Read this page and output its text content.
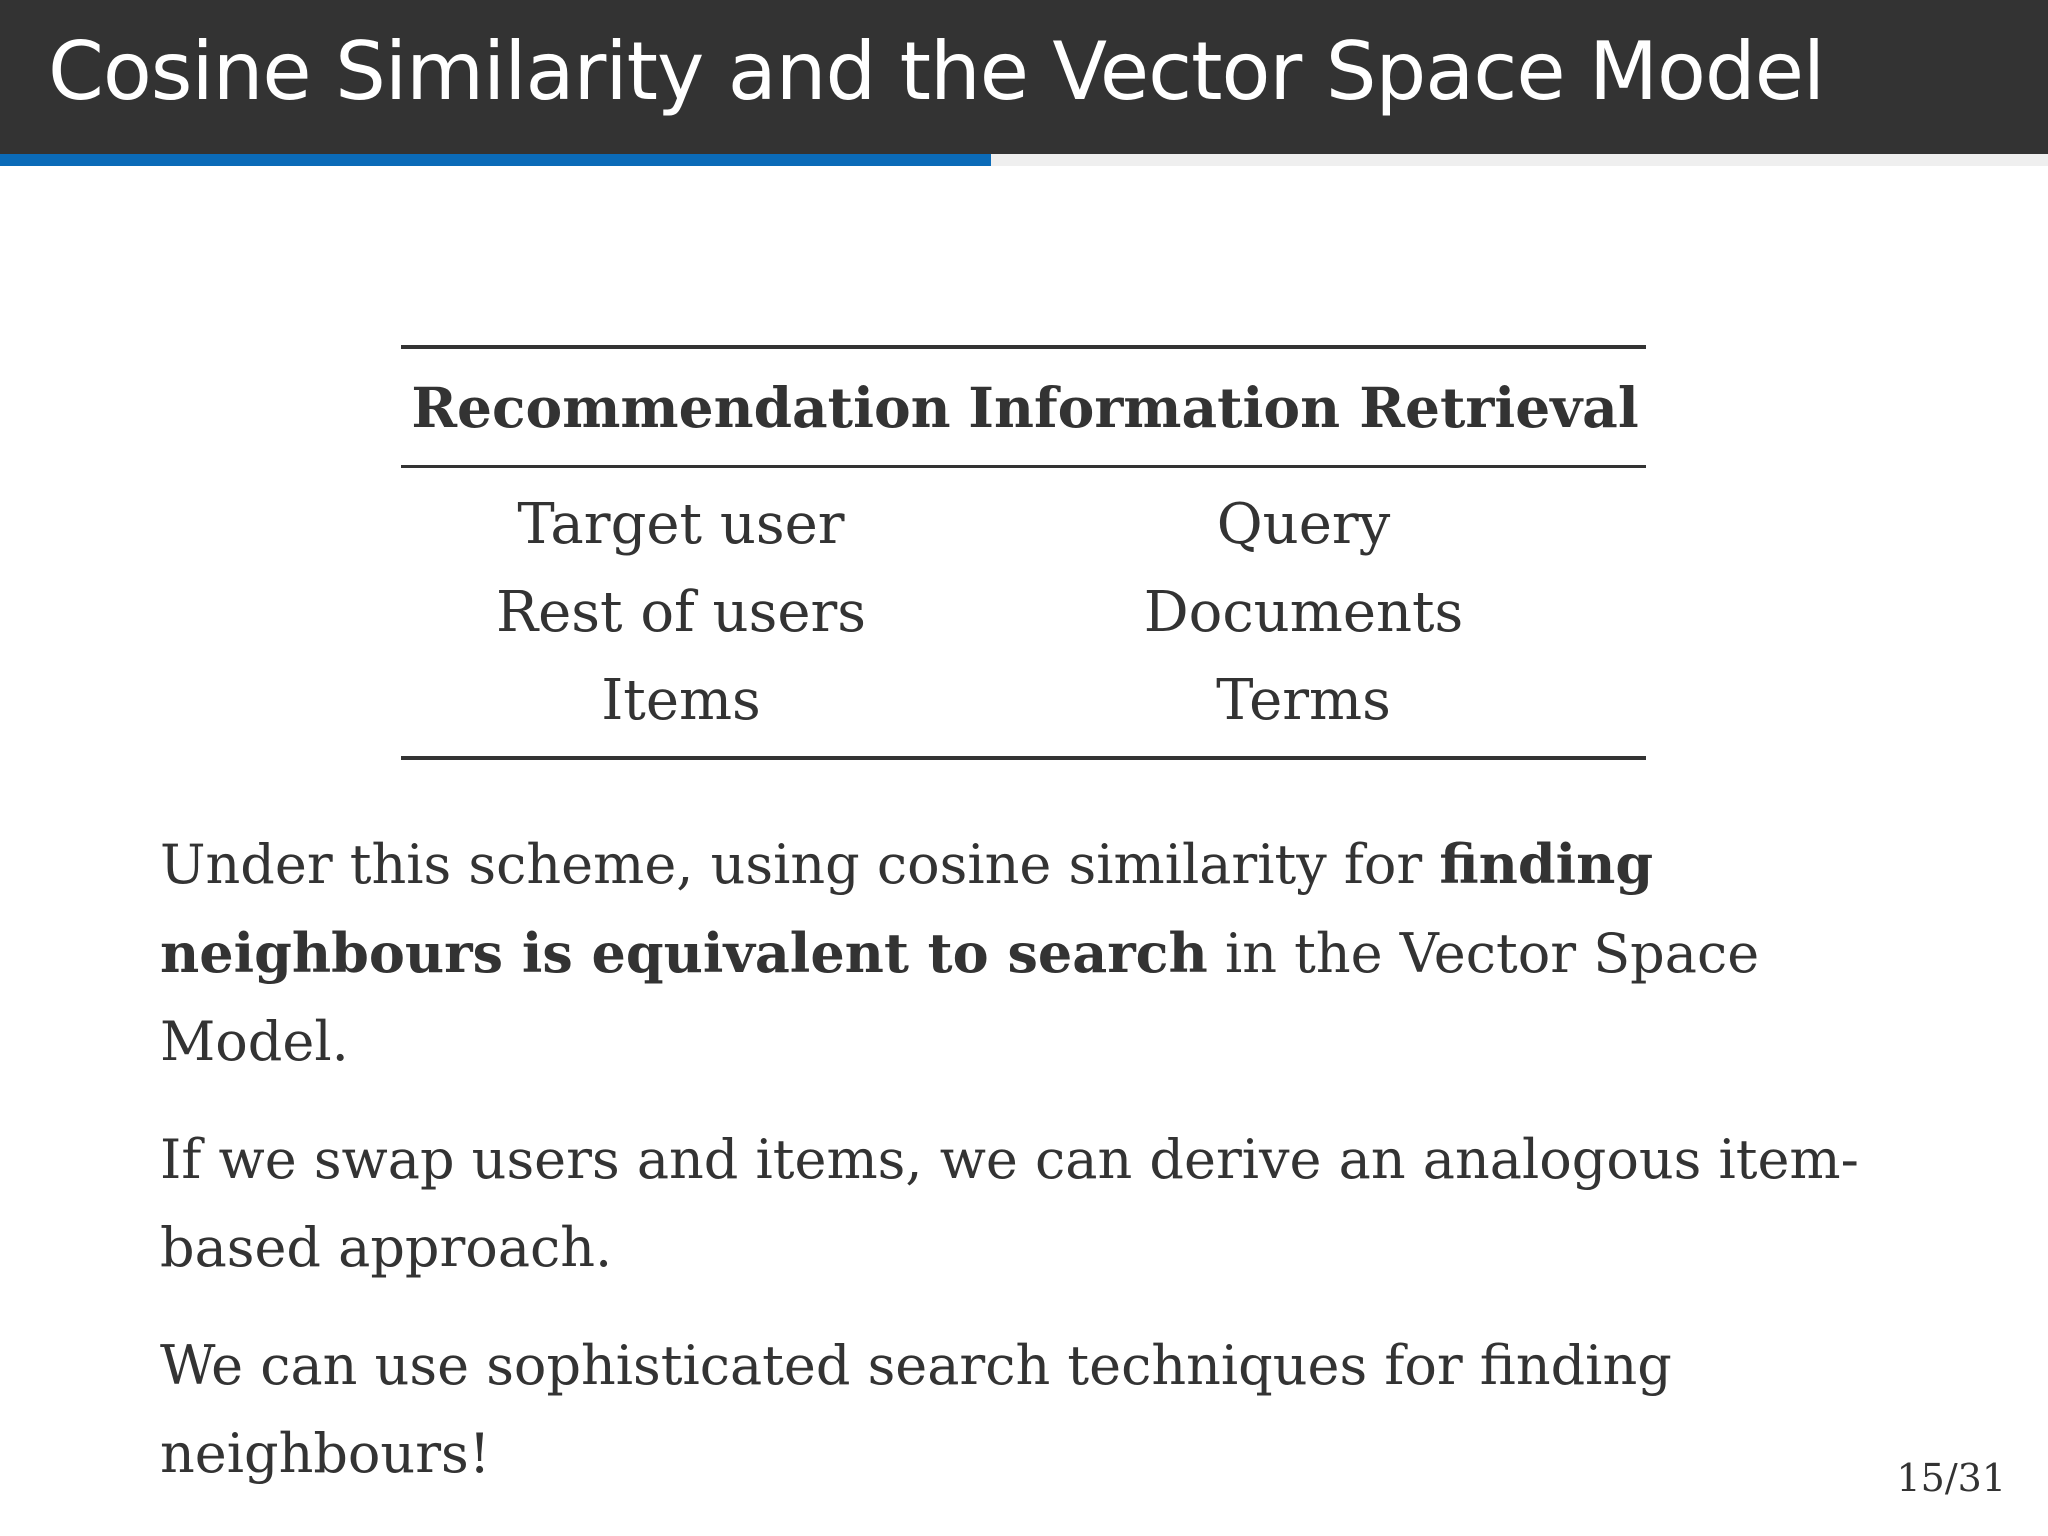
Cosine Similarity and the Vector Space Model
Recommendation	Information Retrieval
Target user	Query
Rest of users	Documents
Items	Terms

Under this scheme, using cosine similarity for finding neighbours is equivalent to search in the Vector Space Model.

If we swap users and items, we can derive an analogous item-based approach.

We can use sophisticated search techniques for finding neighbours!	15/31
